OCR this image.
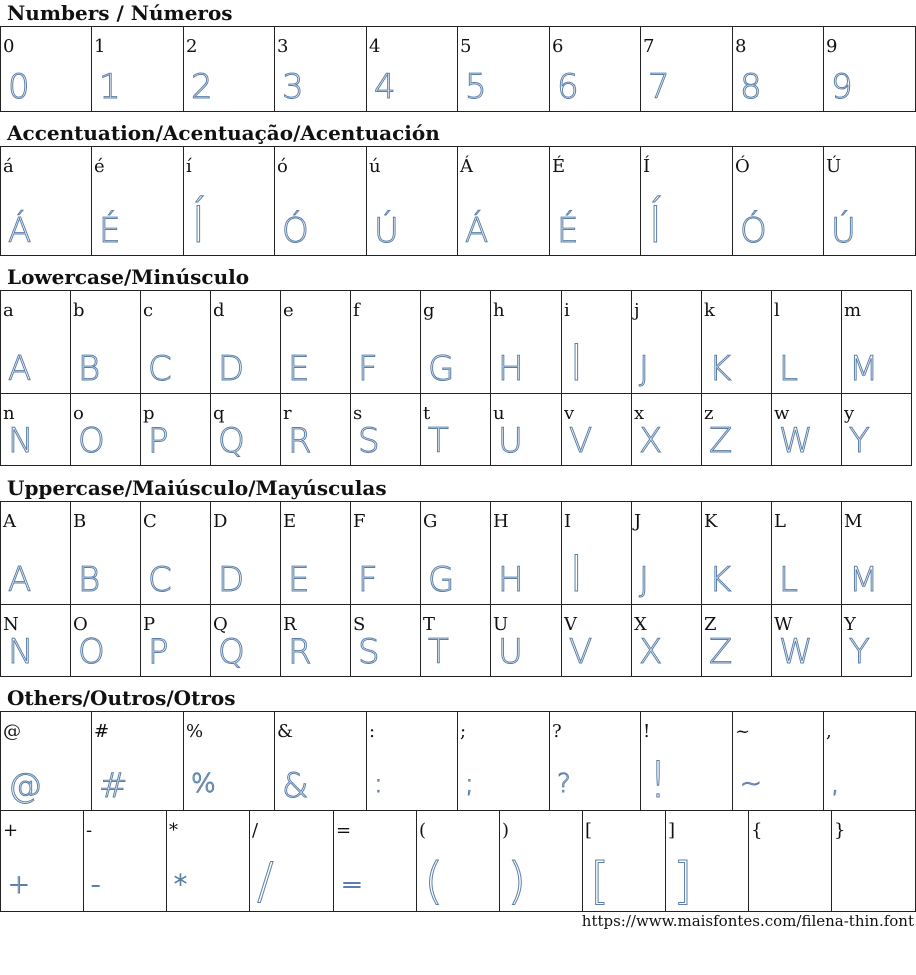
Numbers / Números
0
0
1
1
2
2
3
3
4
4
5
5
6
6
7
7
8
8
9
9
Accentuation/Acentuação/Acentuación
á
Á
é
É
í
Í
ó
Ó
ú
Ú
Á
Á
É
É
Í
Í
Ó
Ó
Ú
Ú
Lowercase/Minúsculo
a
A
b
B
c
C
d
D
e
E
f
F
g
G
h
H
i
I
j
J
k
K
l
L
m
M
n
N
o
O
p
P
q
Q
r
R
s
S
t
T
u
U
v
V
x
X
z
Z
w
W
y
Y
Uppercase/Maiúsculo/Mayúsculas
A
A
B
B
C
C
D
D
E
E
F
F
G
G
H
H
I
I
J
J
K
K
L
L
M
M
N
N
O
O
P
P
Q
Q
R
R
S
S
T
T
U
U
V
V
X
X
Z
Z
W
W
Y
Y
Others/Outros/Otros
@
@
#
#
%
%
&
&
:
:
;
;
?
?
!
!
~
~
,
,
+
+
-
-
*
*
/
/
=
=
(
(
)
)
[
[
]
]
{	}
https://www.maisfontes.com/filena-thin.font
